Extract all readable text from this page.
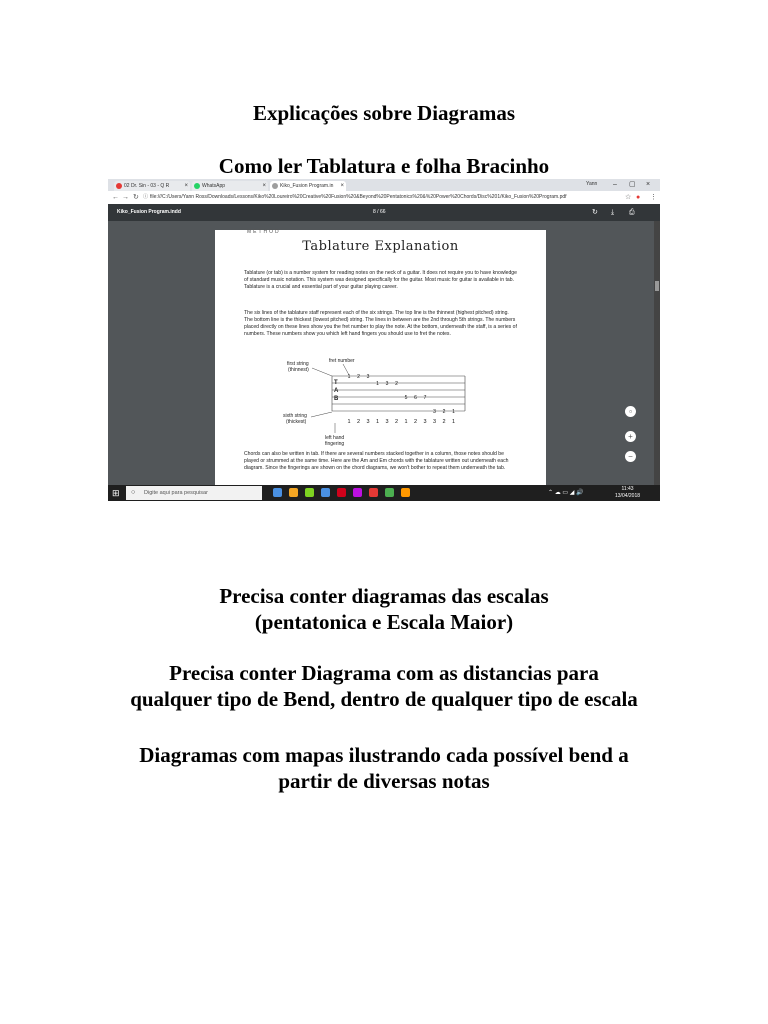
Explicações sobre Diagramas
Como ler Tablatura e folha Bracinho
02 Dr. Sin - 03 - Q R	×	WhatsApp	×	Kiko_Fusion Program.in ×	Yann – ▢ ×
← → ↻ ⓘ file:///C:/Users/Yann Ross/Downloads/Lessons/Kiko%20Loureiro%20Creative%20Fusion%20&Beyond%20Pentatonics%20&%20Power%20Chords/Disc%201/Kiko_Fusion%20Program.pdf	☆ ● ⋮
Kiko_Fusion Program.indd	8 / 66	↻ ⤓ ⎙
METHOD
Tablature Explanation
Tablature (or tab) is a number system for reading notes on the neck of a guitar. It does not require you to have knowledge of standard music notation. This system was designed specifically for the guitar. Most music for guitar is available in tab. Tablature is a crucial and essential part of your guitar playing career.
The six lines of the tablature staff represent each of the six strings. The top line is the thinnest (highest pitched) string. The bottom line is the thickest (lowest pitched) string. The lines in between are the 2nd through 5th strings. The numbers placed directly on these lines show you the fret number to play the note. At the bottom, underneath the staff, is a series of numbers. These numbers show you which left hand fingers you should use to fret the notes.
fret number
first string
(thinnest)
sixth string
(thickest)
left hand
fingering
T
A
B
1 2 3
1 3 2
5 6 7
3 2 1
1 2 3 1 3 2 1 2 3 3 2 1
Chords can also be written in tab. If there are several numbers stacked together in a column, those notes should be played or strummed at the same time. Here are the Am and Em chords with the tablature written out underneath each diagram. Since the fingerings are shown on the chord diagrams, we won't bother to repeat them underneath the tab.
▫
+
−
⊞ ○ Digite aqui para pesquisar	⌃ ☁ ▭ ◢ 🔊
11:43
13/04/2018
Precisa conter diagramas das escalas
(pentatonica e Escala Maior)
Precisa conter Diagrama com as distancias para
qualquer tipo de Bend, dentro de qualquer tipo de escala
Diagramas com mapas ilustrando cada possível bend a
partir de diversas notas
